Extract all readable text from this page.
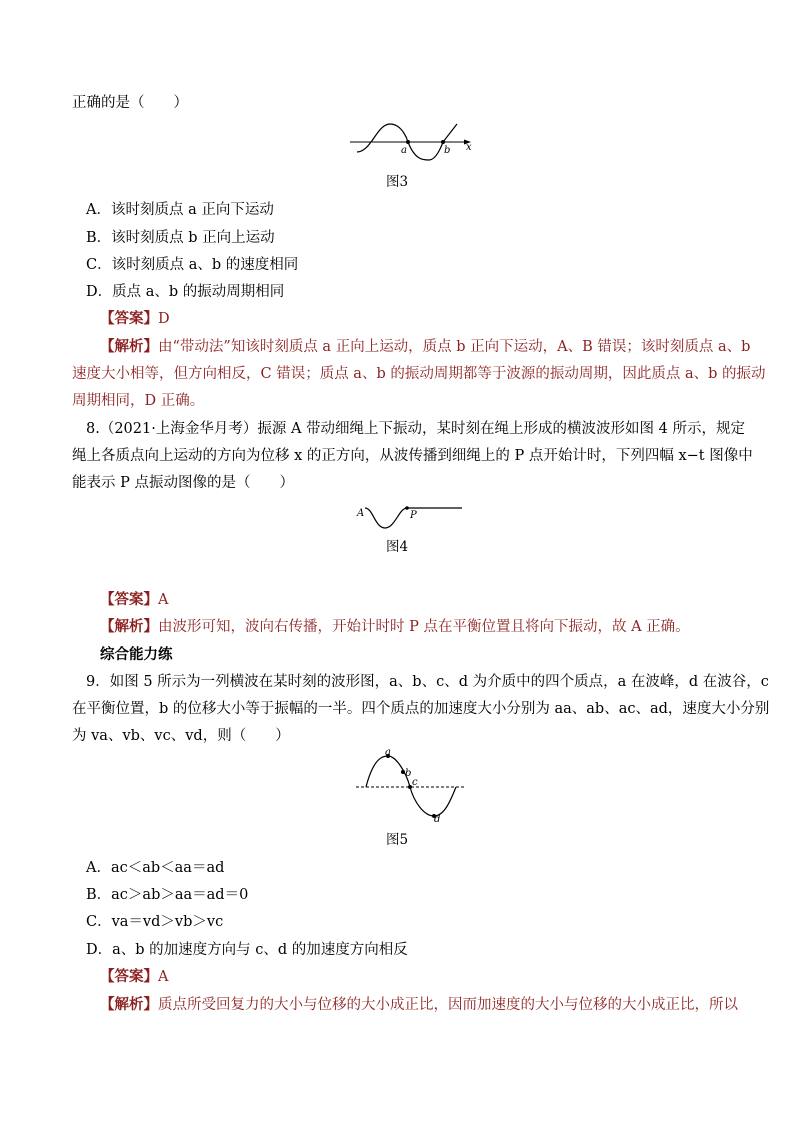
正确的是（　　）
a	b x
图3
A．该时刻质点 a 正向下运动
B．该时刻质点 b 正向上运动
C．该时刻质点 a、b 的速度相同
D．质点 a、b 的振动周期相同
【答案】D
【解析】由“带动法”知该时刻质点 a 正向上运动，质点 b 正向下运动，A、B 错误；该时刻质点 a、b
速度大小相等，但方向相反，C 错误；质点 a、b 的振动周期都等于波源的振动周期，因此质点 a、b 的振动
周期相同，D 正确。
8.（2021·上海金华月考）振源 A 带动细绳上下振动，某时刻在绳上形成的横波波形如图 4 所示，规定
绳上各质点向上运动的方向为位移 x 的正方向，从波传播到细绳上的 P 点开始计时，下列四幅 x−t 图像中
能表示 P 点振动图像的是（　　）
A	P
图4
【答案】A
【解析】由波形可知，波向右传播，开始计时时 P 点在平衡位置且将向下振动，故 A 正确。
综合能力练
9．如图 5 所示为一列横波在某时刻的波形图，a、b、c、d 为介质中的四个质点，a 在波峰，d 在波谷，c
在平衡位置，b 的位移大小等于振幅的一半。四个质点的加速度大小分别为 aa、ab、ac、ad，速度大小分别
为 va、vb、vc、vd，则（　　）
a
b
c
d
图5
A．ac＜ab＜aa＝ad
B．ac＞ab＞aa＝ad＝0
C．va＝vd＞vb＞vc
D．a、b 的加速度方向与 c、d 的加速度方向相反
【答案】A
【解析】质点所受回复力的大小与位移的大小成正比，因而加速度的大小与位移的大小成正比，所以
